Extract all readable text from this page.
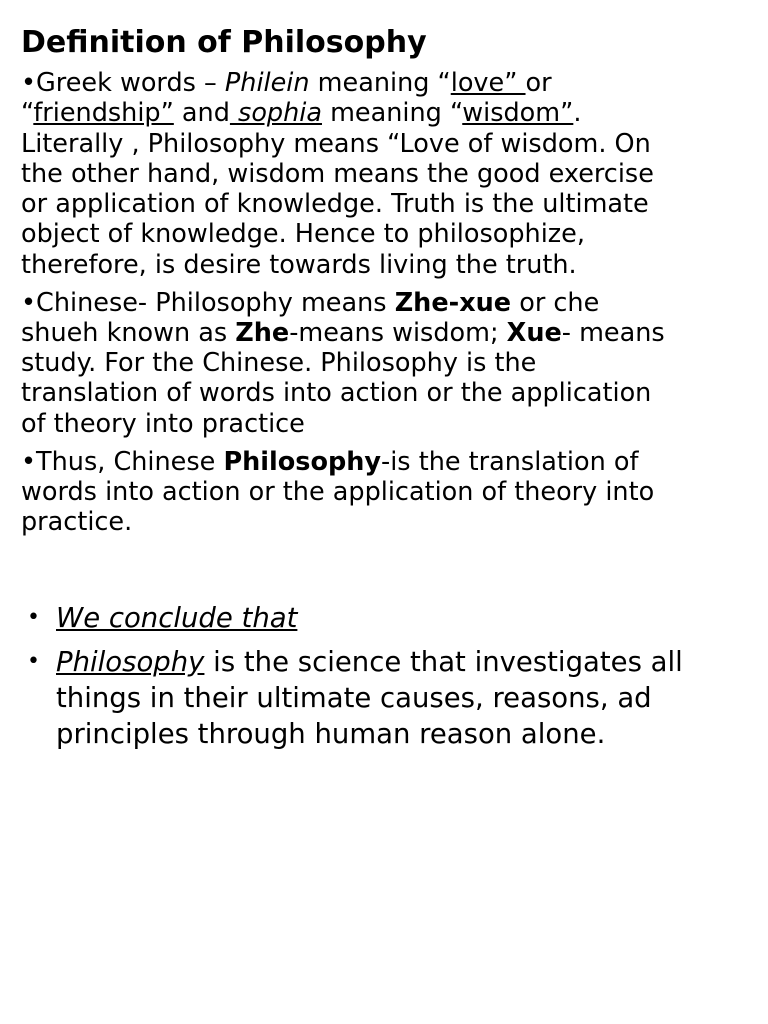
Definition of Philosophy

•Greek words – Philein meaning “love” or
“friendship” and sophia meaning “wisdom”.
Literally , Philosophy means “Love of wisdom. On
the other hand, wisdom means the good exercise
or application of knowledge. Truth is the ultimate
object of knowledge. Hence to philosophize,
therefore, is desire towards living the truth.

•Chinese- Philosophy means Zhe-xue or che
shueh known as Zhe-means wisdom; Xue- means
study. For the Chinese. Philosophy is the
translation of words into action or the application
of theory into practice

•Thus, Chinese Philosophy-is the translation of
words into action or the application of theory into
practice.

• We conclude that
• Philosophy is the science that investigates all
things in their ultimate causes, reasons, ad
principles through human reason alone.
